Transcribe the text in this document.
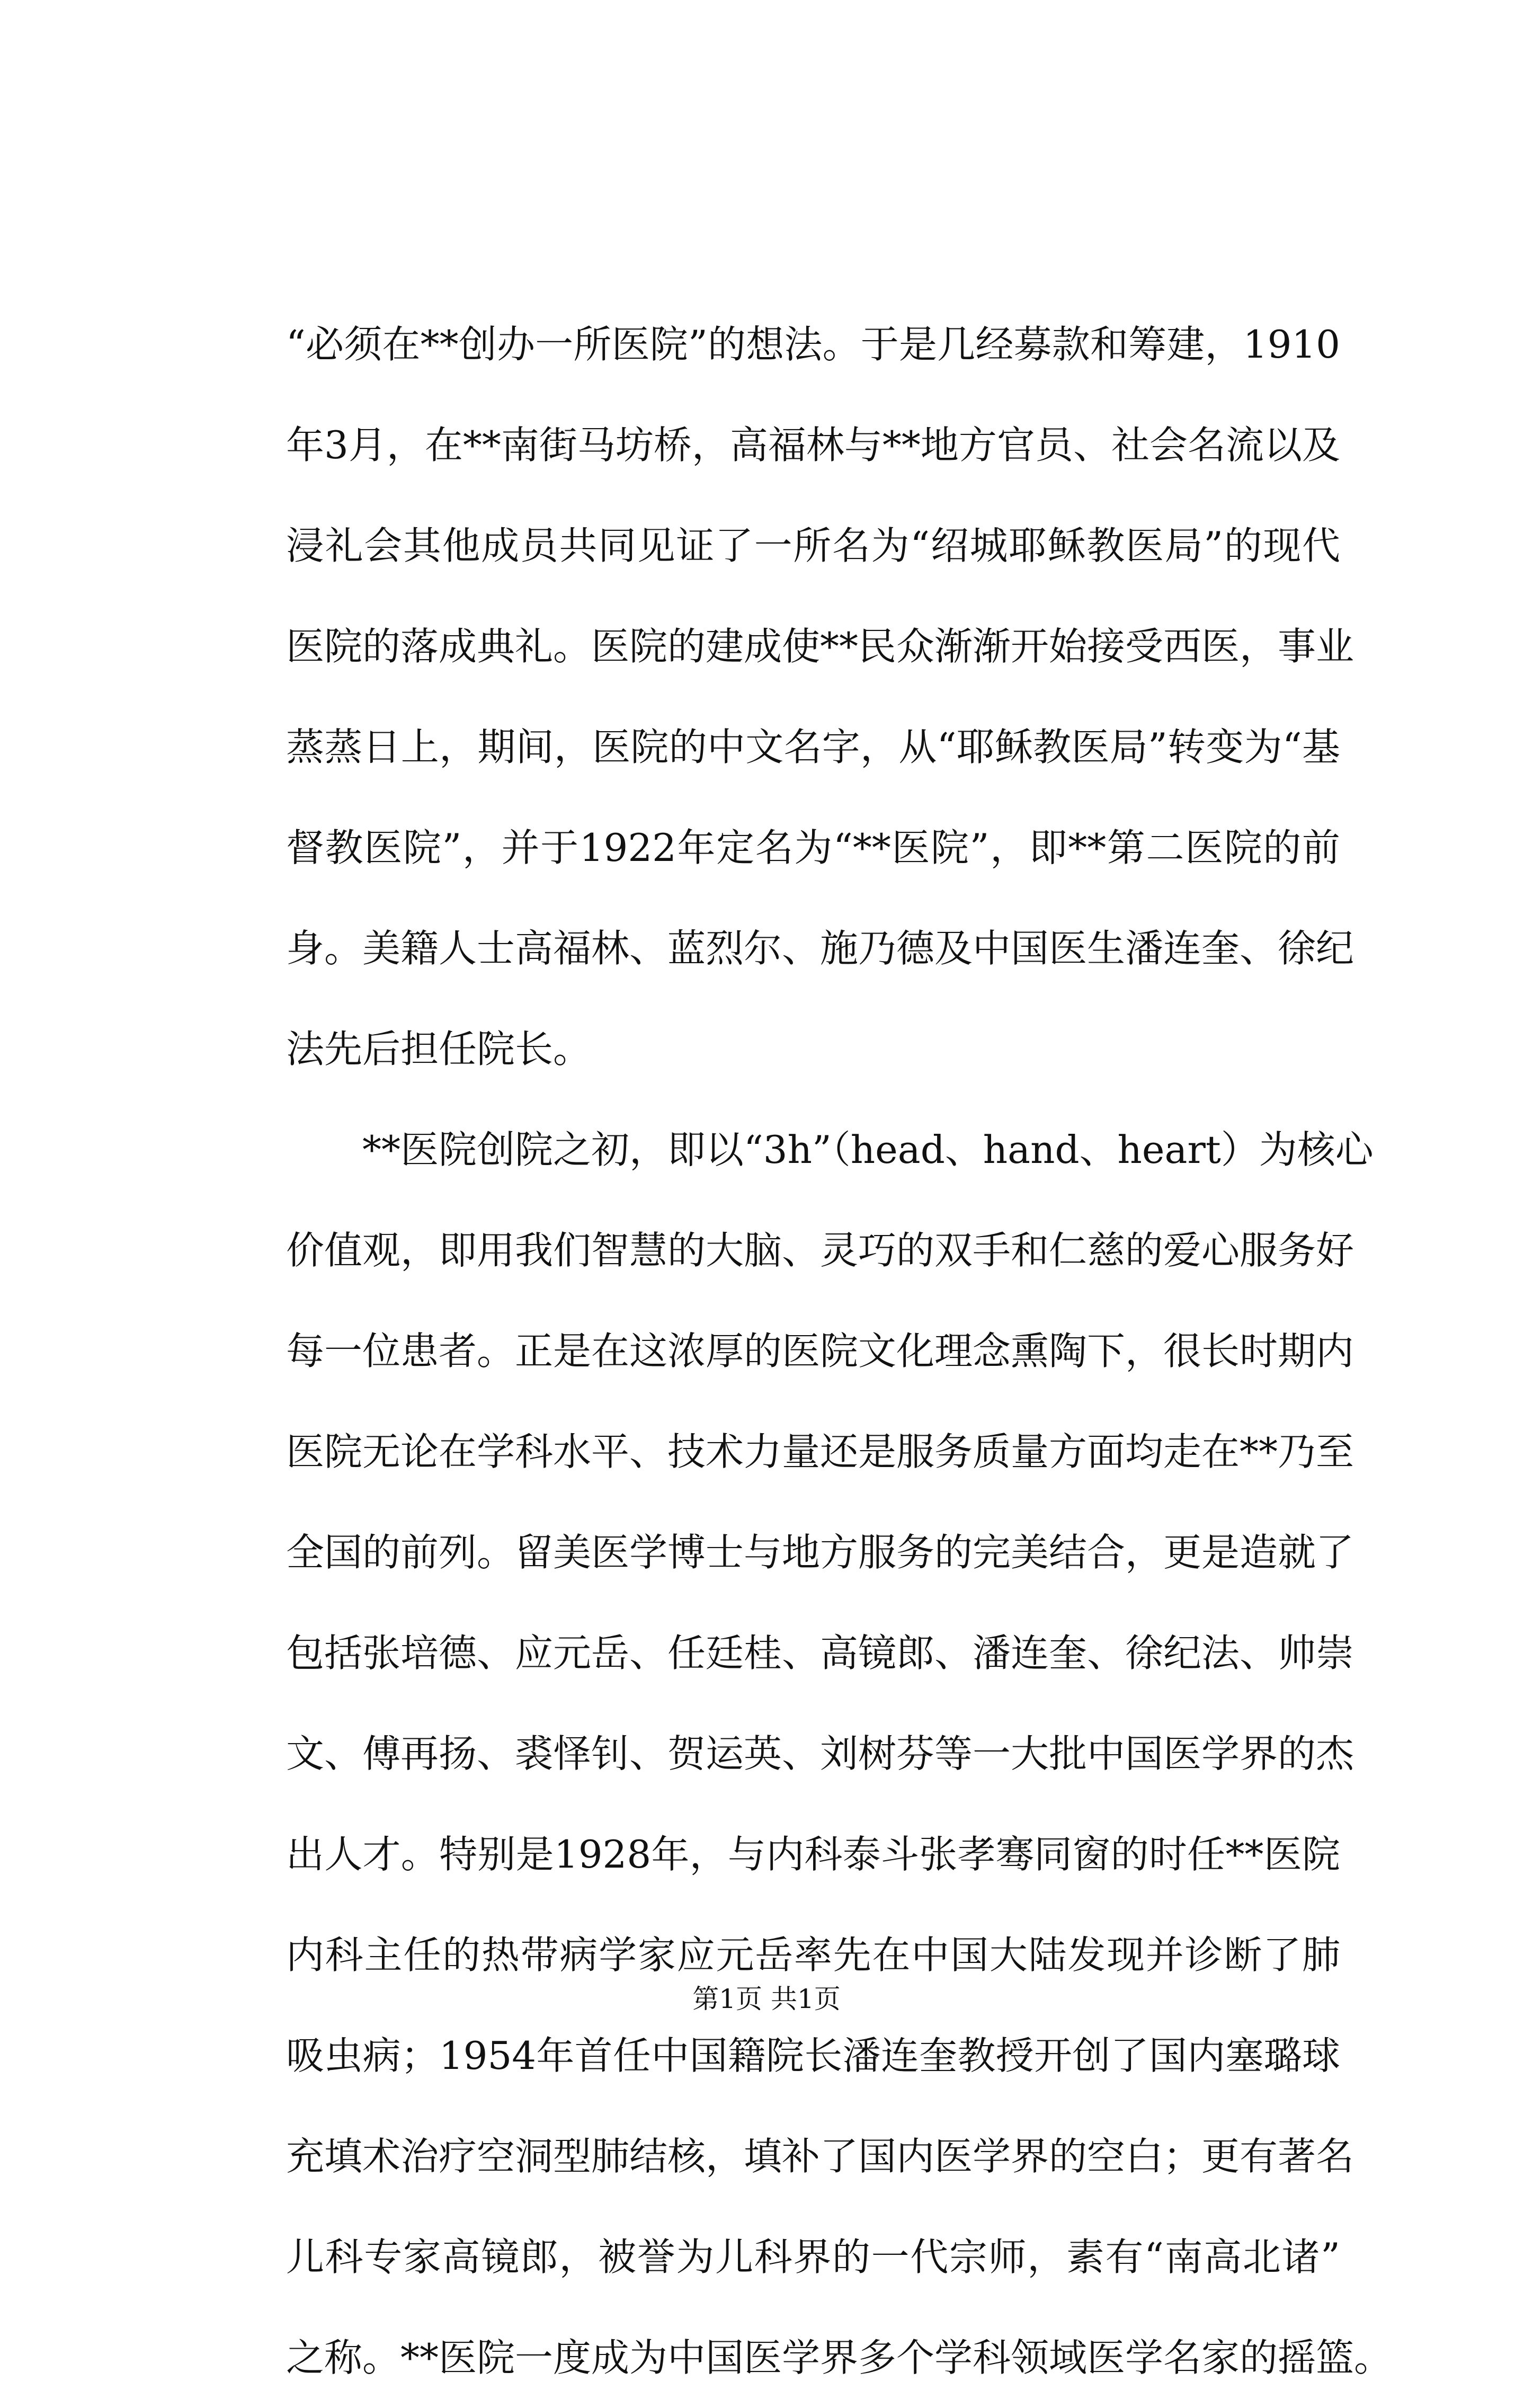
“必须在**创办一所医院”的想法。于是几经募款和筹建，1910
年3月，在**南街马坊桥，高福林与**地方官员、社会名流以及
浸礼会其他成员共同见证了一所名为“绍城耶稣教医局”的现代
医院的落成典礼。医院的建成使**民众渐渐开始接受西医，事业
蒸蒸日上，期间，医院的中文名字，从“耶稣教医局”转变为“基
督教医院”，并于1922年定名为“**医院”，即**第二医院的前
身。美籍人士高福林、蓝烈尔、施乃德及中国医生潘连奎、徐纪
法先后担任院长。
**医院创院之初，即以“3h”（head、hand、heart）为核心
价值观，即用我们智慧的大脑、灵巧的双手和仁慈的爱心服务好
每一位患者。正是在这浓厚的医院文化理念熏陶下，很长时期内
医院无论在学科水平、技术力量还是服务质量方面均走在**乃至
全国的前列。留美医学博士与地方服务的完美结合，更是造就了
包括张培德、应元岳、任廷桂、高镜郎、潘连奎、徐纪法、帅崇
文、傅再扬、裘怿钊、贺运英、刘树芬等一大批中国医学界的杰
出人才。特别是1928年，与内科泰斗张孝骞同窗的时任**医院
内科主任的热带病学家应元岳率先在中国大陆发现并诊断了肺
吸虫病；1954年首任中国籍院长潘连奎教授开创了国内塞璐球
充填术治疗空洞型肺结核，填补了国内医学界的空白；更有著名
儿科专家高镜郎，被誉为儿科界的一代宗师，素有“南高北诸”
之称。**医院一度成为中国医学界多个学科领域医学名家的摇篮。
第1页 共1页
